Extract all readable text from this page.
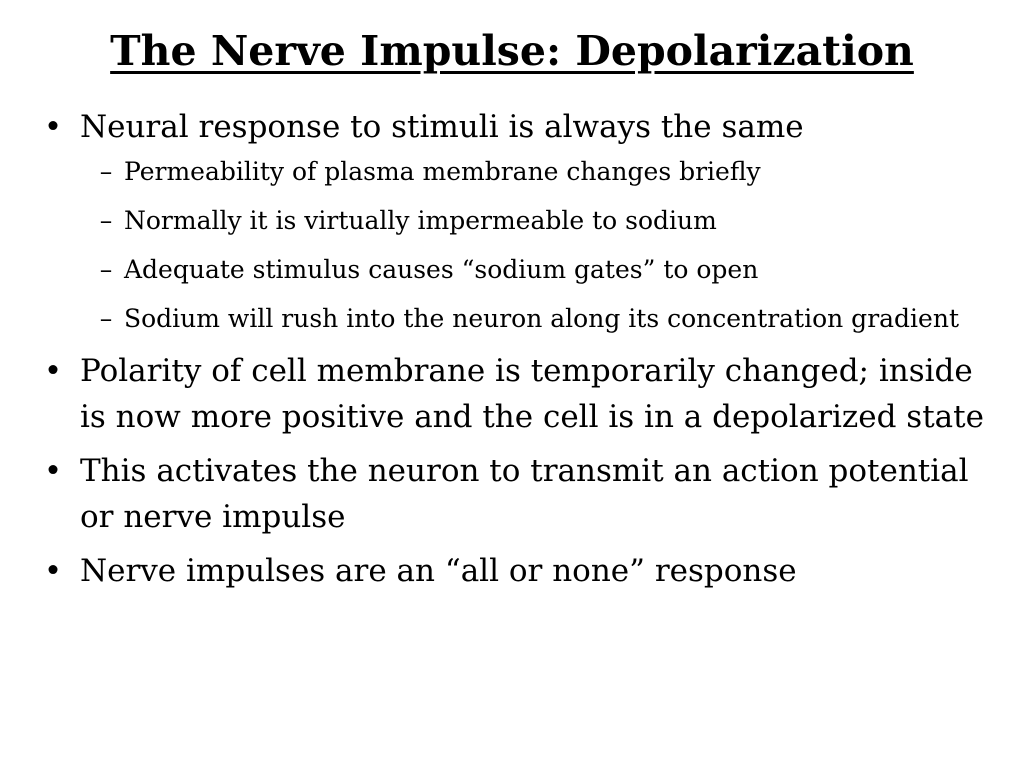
The Nerve Impulse: Depolarization
• Neural response to stimuli is always the same
– Permeability of plasma membrane changes briefly
– Normally it is virtually impermeable to sodium
– Adequate stimulus causes “sodium gates” to open
– Sodium will rush into the neuron along its concentration gradient
• Polarity of cell membrane is temporarily changed; inside is now more positive and the cell is in a depolarized state
• This activates the neuron to transmit an action potential or nerve impulse
• Nerve impulses are an “all or none” response
